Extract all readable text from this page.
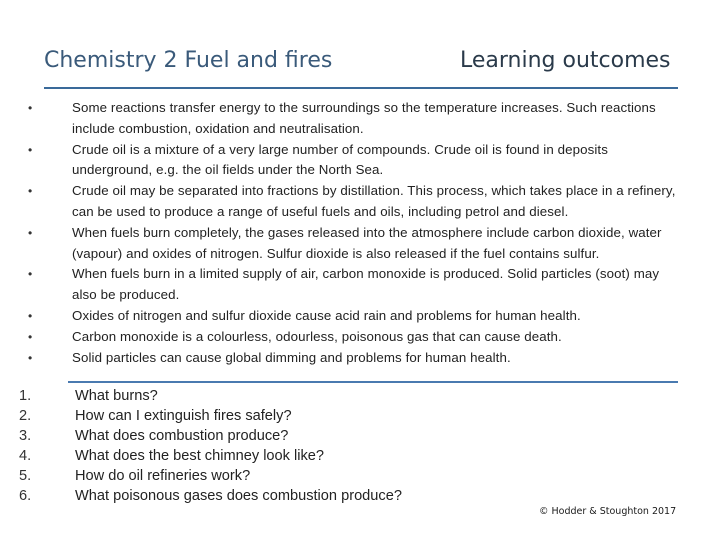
Chemistry 2 Fuel and fires	Learning outcomes
•	Some reactions transfer energy to the surroundings so the temperature increases. Such reactions include combustion, oxidation and neutralisation.
•	Crude oil is a mixture of a very large number of compounds. Crude oil is found in deposits underground, e.g. the oil fields under the North Sea.
•	Crude oil may be separated into fractions by distillation. This process, which takes place in a refinery, can be used to produce a range of useful fuels and oils, including petrol and diesel.
•	When fuels burn completely, the gases released into the atmosphere include carbon dioxide, water (vapour) and oxides of nitrogen. Sulfur dioxide is also released if the fuel contains sulfur.
•	When fuels burn in a limited supply of air, carbon monoxide is produced. Solid particles (soot) may also be produced.
•	Oxides of nitrogen and sulfur dioxide cause acid rain and problems for human health.
•	Carbon monoxide is a colourless, odourless, poisonous gas that can cause death.
•	Solid particles can cause global dimming and problems for human health.
1.	What burns?
2.	How can I extinguish fires safely?
3.	What does combustion produce?
4.	What does the best chimney look like?
5.	How do oil refineries work?
6.	What poisonous gases does combustion produce?
© Hodder & Stoughton 2017
